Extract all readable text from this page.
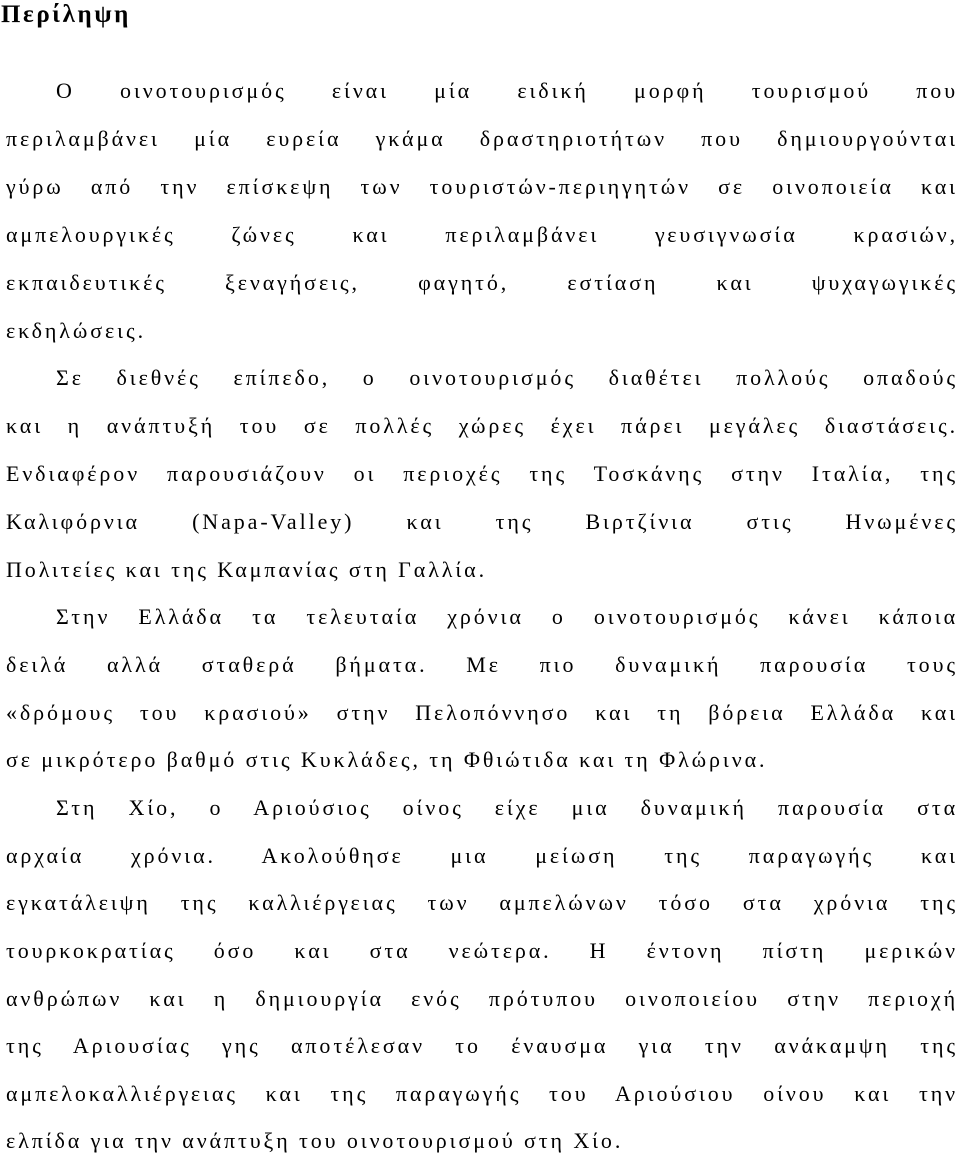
Περίληψη
Ο οινοτουρισμός είναι μία ειδική μορφή τουρισμού που
περιλαμβάνει μία ευρεία γκάμα δραστηριοτήτων που δημιουργούνται
γύρω από την επίσκεψη των τουριστών-περιηγητών σε οινοποιεία και
αμπελουργικές ζώνες και περιλαμβάνει γευσιγνωσία κρασιών,
εκπαιδευτικές ξεναγήσεις, φαγητό, εστίαση και ψυχαγωγικές
εκδηλώσεις.
Σε διεθνές επίπεδο, ο οινοτουρισμός διαθέτει πολλούς οπαδούς
και η ανάπτυξή του σε πολλές χώρες έχει πάρει μεγάλες διαστάσεις.
Ενδιαφέρον παρουσιάζουν οι περιοχές της Τοσκάνης στην Ιταλία, της
Καλιφόρνια (Napa-Valley) και της Βιρτζίνια στις Ηνωμένες
Πολιτείες και της Καμπανίας στη Γαλλία.
Στην Ελλάδα τα τελευταία χρόνια ο οινοτουρισμός κάνει κάποια
δειλά αλλά σταθερά βήματα. Με πιο δυναμική παρουσία τους
«δρόμους του κρασιού» στην Πελοπόννησο και τη βόρεια Ελλάδα και
σε μικρότερο βαθμό στις Κυκλάδες, τη Φθιώτιδα και τη Φλώρινα.
Στη Χίο, ο Αριούσιος οίνος είχε μια δυναμική παρουσία στα
αρχαία χρόνια. Ακολούθησε μια μείωση της παραγωγής και
εγκατάλειψη της καλλιέργειας των αμπελώνων τόσο στα χρόνια της
τουρκοκρατίας όσο και στα νεώτερα. Η έντονη πίστη μερικών
ανθρώπων και η δημιουργία ενός πρότυπου οινοποιείου στην περιοχή
της Αριουσίας γης αποτέλεσαν το έναυσμα για την ανάκαμψη της
αμπελοκαλλιέργειας και της παραγωγής του Αριούσιου οίνου και την
ελπίδα για την ανάπτυξη του οινοτουρισμού στη Χίο.
